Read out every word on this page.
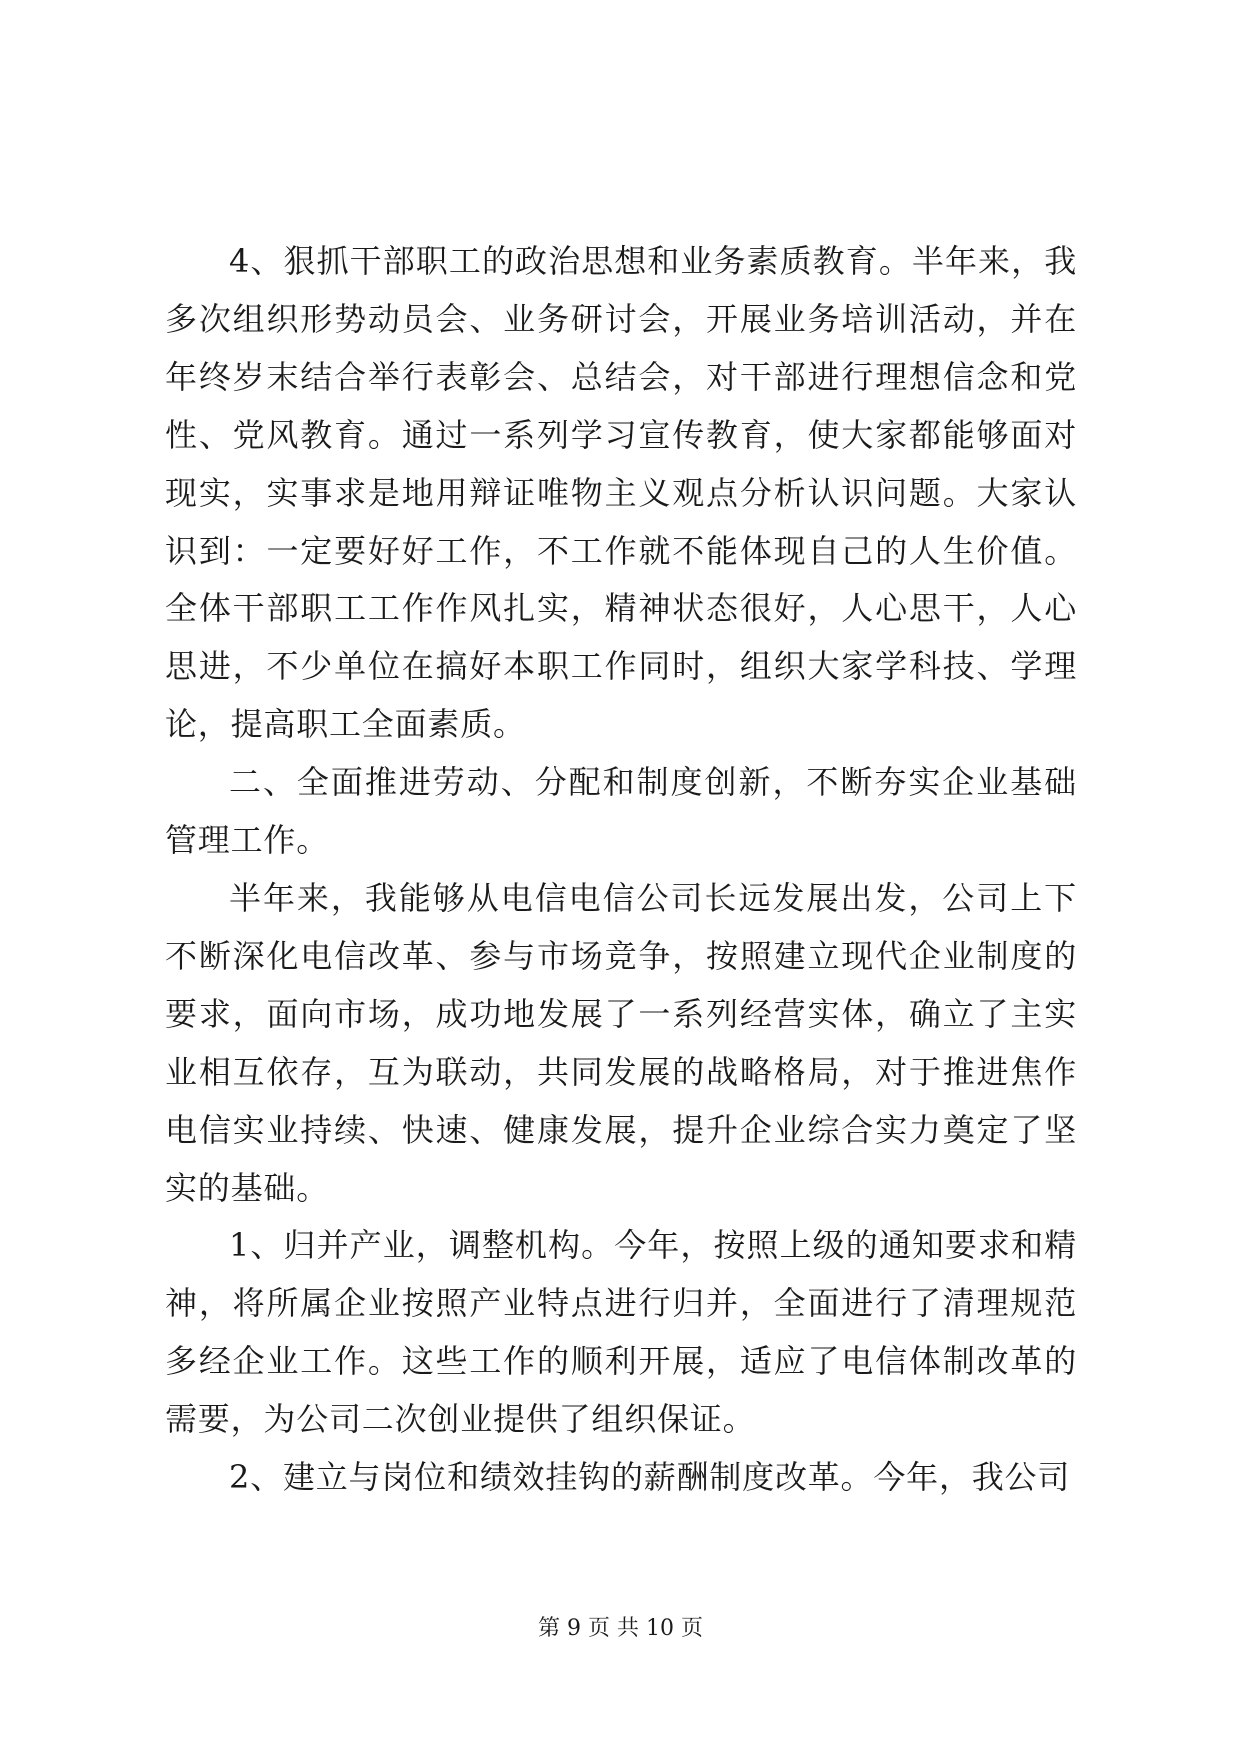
4、狠抓干部职工的政治思想和业务素质教育。半年来，我多次组织形势动员会、业务研讨会，开展业务培训活动，并在年终岁末结合举行表彰会、总结会，对干部进行理想信念和党性、党风教育。通过一系列学习宣传教育，使大家都能够面对现实，实事求是地用辩证唯物主义观点分析认识问题。大家认识到：一定要好好工作，不工作就不能体现自己的人生价值。全体干部职工工作作风扎实，精神状态很好，人心思干，人心思进，不少单位在搞好本职工作同时，组织大家学科技、学理论，提高职工全面素质。

二、全面推进劳动、分配和制度创新，不断夯实企业基础管理工作。

半年来，我能够从电信电信公司长远发展出发，公司上下不断深化电信改革、参与市场竞争，按照建立现代企业制度的要求，面向市场，成功地发展了一系列经营实体，确立了主实业相互依存，互为联动，共同发展的战略格局，对于推进焦作电信实业持续、快速、健康发展，提升企业综合实力奠定了坚实的基础。

1、归并产业，调整机构。今年，按照上级的通知要求和精神，将所属企业按照产业特点进行归并，全面进行了清理规范多经企业工作。这些工作的顺利开展，适应了电信体制改革的需要，为公司二次创业提供了组织保证。

2、建立与岗位和绩效挂钩的薪酬制度改革。今年，我公司

第 9 页 共 10 页
